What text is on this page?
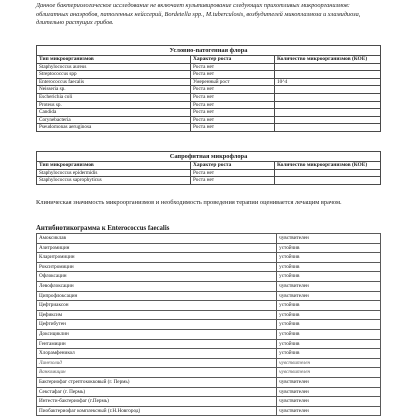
Данное бактериологическое исследование не включает культивирование следующих прихотливых микроорганизмов: облигатных анаэробов, патогенных нейссерий, Bordetella spp., M.tuberculosis, возбудителей микоплазмоза и хламидиоза, длительно растущих грибов.
Условно-патогенная флора		
Тип микроорганизмов	Характер роста	Количество микроорганизмов (КОЕ)
Staphylococcus aureus	Роста нет	
Streptococcus spp	Роста нет	
Enterococcus faecalis	Умеренный рост	10^4
Neisseria sp.	Роста нет	
Escherichia coli	Роста нет	
Proteus sp.	Роста нет	
Candida	Роста нет	
Corynebacteria	Роста нет	
Pseudomonas aeruginosa	Роста нет	
Сапрофитная микрофлора		
Тип микроорганизмов	Характер роста	Количество микроорганизмов (КОЕ)
Staphylococcus epidermidis	Роста нет	
Staphylococcus saprophyticus	Роста нет	
Клиническая значимость микроорганизмов и необходимость проведения терапии оценивается лечащим врачом.
Антибиотикограмма к Enterococcus faecalis
Амоксиклав	чувствителен
Азитромицин	устойчив
Кларитромицин	устойчив
Рокситромицин	устойчив
Офлоксацин	устойчив
Левофлоксацин	чувствителен
Ципрофлоксацин	чувствителен
Цефтриаксон	устойчив
Цефиксим	устойчив
Цефтибутен	устойчив
Доксициклин	устойчив
Гентамицин	устойчив
Хлорамфеникол	устойчив
Линезолид	чувствителен
Ванкомицин	чувствителен
Бактериофаг стрептококковый (г. Пермь)	чувствителен
Секстафаг (г. Пермь)	чувствителен
Интести-бактериофаг (г.Пермь)	чувствителен
Пиобактериофаг комплексный (г.Н.Новгород)	чувствителен
